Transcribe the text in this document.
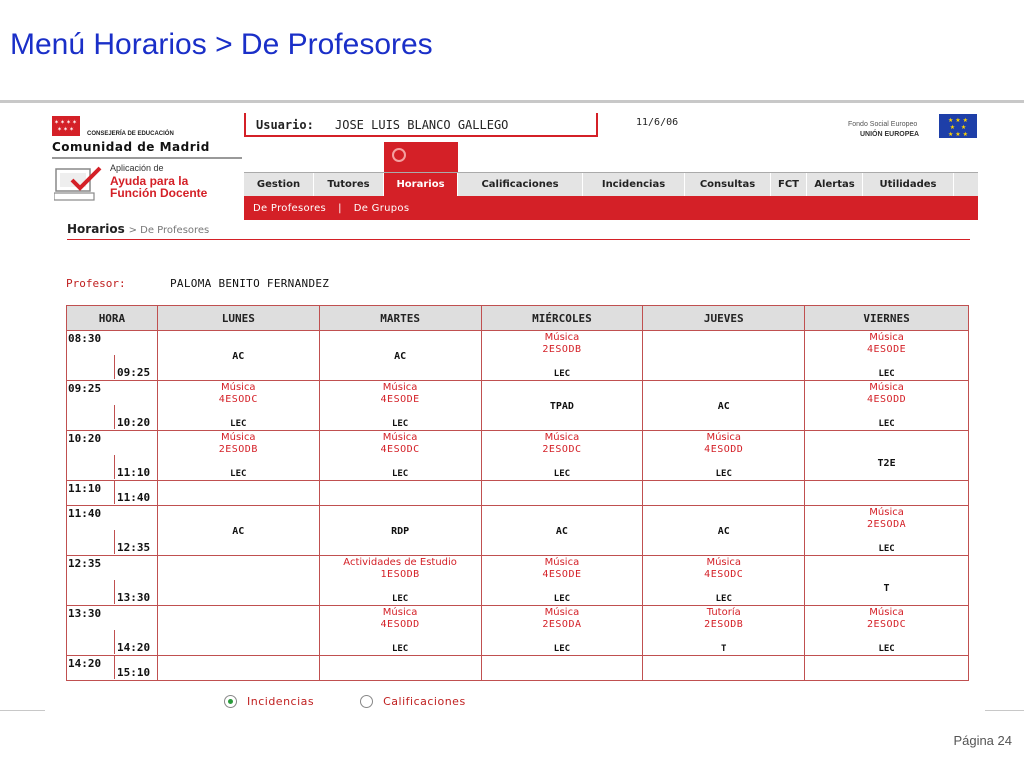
Menú Horarios > De Profesores
✶✶✶✶
✶✶✶
CONSEJERÍA DE EDUCACIÓN
Comunidad de Madrid
Aplicación de
Ayuda para la
Función Docente
Usuario: JOSE LUIS BLANCO GALLEGO	11/6/06	Fondo Social Europeo
UNIÓN EUROPEA
★ ★ ★
★   ★
★ ★ ★
Gestion	Tutores	Horarios	Calificaciones	Incidencias	Consultas	FCT	Alertas	Utilidades
De Profesores | De Grupos
Horarios > De Profesores
Profesor:	PALOMA BENITO FERNANDEZ
HORA	LUNES	MARTES	MIÉRCOLES	JUEVES	VIERNES

08:30
09:25	AC	AC	Música
2ESODB
LEC		Música
4ESODE
LEC

09:25
10:20	Música
4ESODC
LEC	Música
4ESODE
LEC	TPAD	AC	Música
4ESODD
LEC

10:20
11:10	Música
2ESODB
LEC	Música
4ESODC
LEC	Música
2ESODC
LEC	Música
4ESODD
LEC	T2E

11:10
11:40					

11:40
12:35	AC	RDP	AC	AC	Música
2ESODA
LEC

12:35
13:30		Actividades de Estudio
1ESODB
LEC	Música
4ESODE
LEC	Música
4ESODC
LEC	T

13:30
14:20		Música
4ESODD
LEC	Música
2ESODA
LEC	Tutoría
2ESODB
T	Música
2ESODC
LEC

14:20
15:10					

Incidencias	Calificaciones
Página 24
